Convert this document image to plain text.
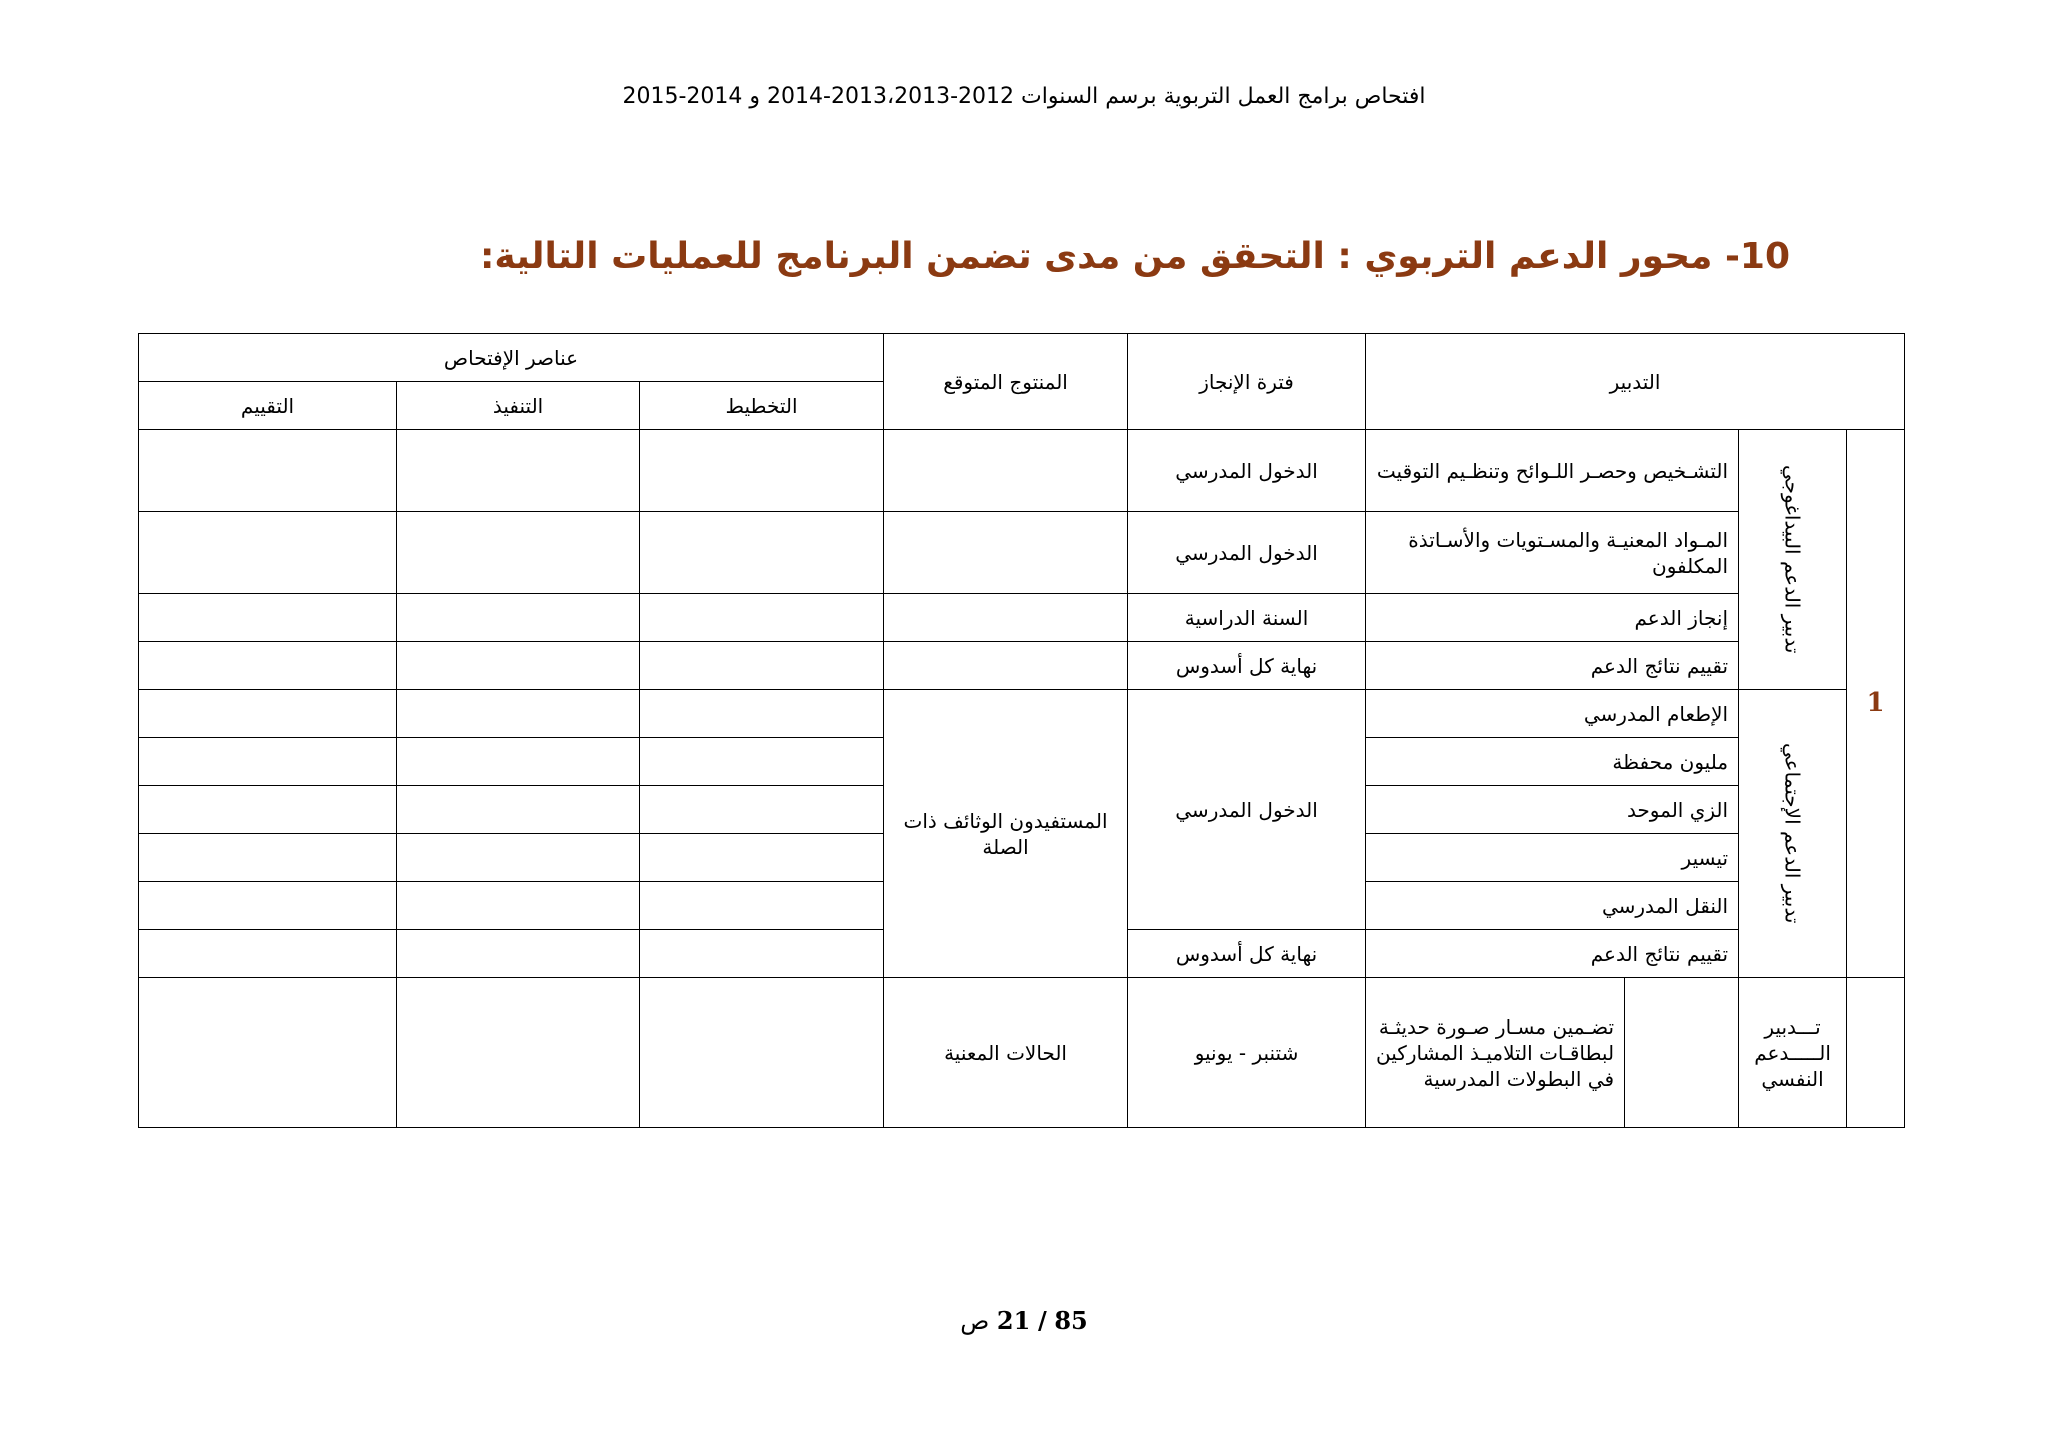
افتحاص برامج العمل التربوية برسم السنوات 2012-2013،2013-2014 و 2014-2015
10- محور الدعم التربوي : التحقق من مدى تضمن البرنامج للعمليات التالية:
التدبير				فترة الإنجاز	المنتوج المتوقع	عناصر الإفتحاص		
						التخطيط	التنفيذ	التقييم
1	تدبير الدعم البيداغوجي	التشـخيص وحصـر اللـوائح وتنظـيم التوقيت		الدخول المدرسي				
		المـواد المعنيـة والمسـتويات والأسـاتذة المكلفون		الدخول المدرسي				
		إنجاز الدعم		السنة الدراسية				
		تقييم نتائج الدعم		نهاية كل أسدوس				

	تدبير الدعم الإجتماعي	الإطعام المدرسي		الدخول المدرسي	المستفيدون الوثائف ذات الصلة			
		مليون محفظة						
		الزي الموحد						
		تيسير						
		النقل المدرسي						
		تقييم نتائج الدعم		نهاية كل أسدوس				
	تـــدبير الـــــدعم النفسي		تضـمين مسـار صـورة حديثـة لبطاقـات التلاميـذ المشاركين في البطولات المدرسية	شتنبر - يونيو	الحالات المعنية			
85 / 21 ص
